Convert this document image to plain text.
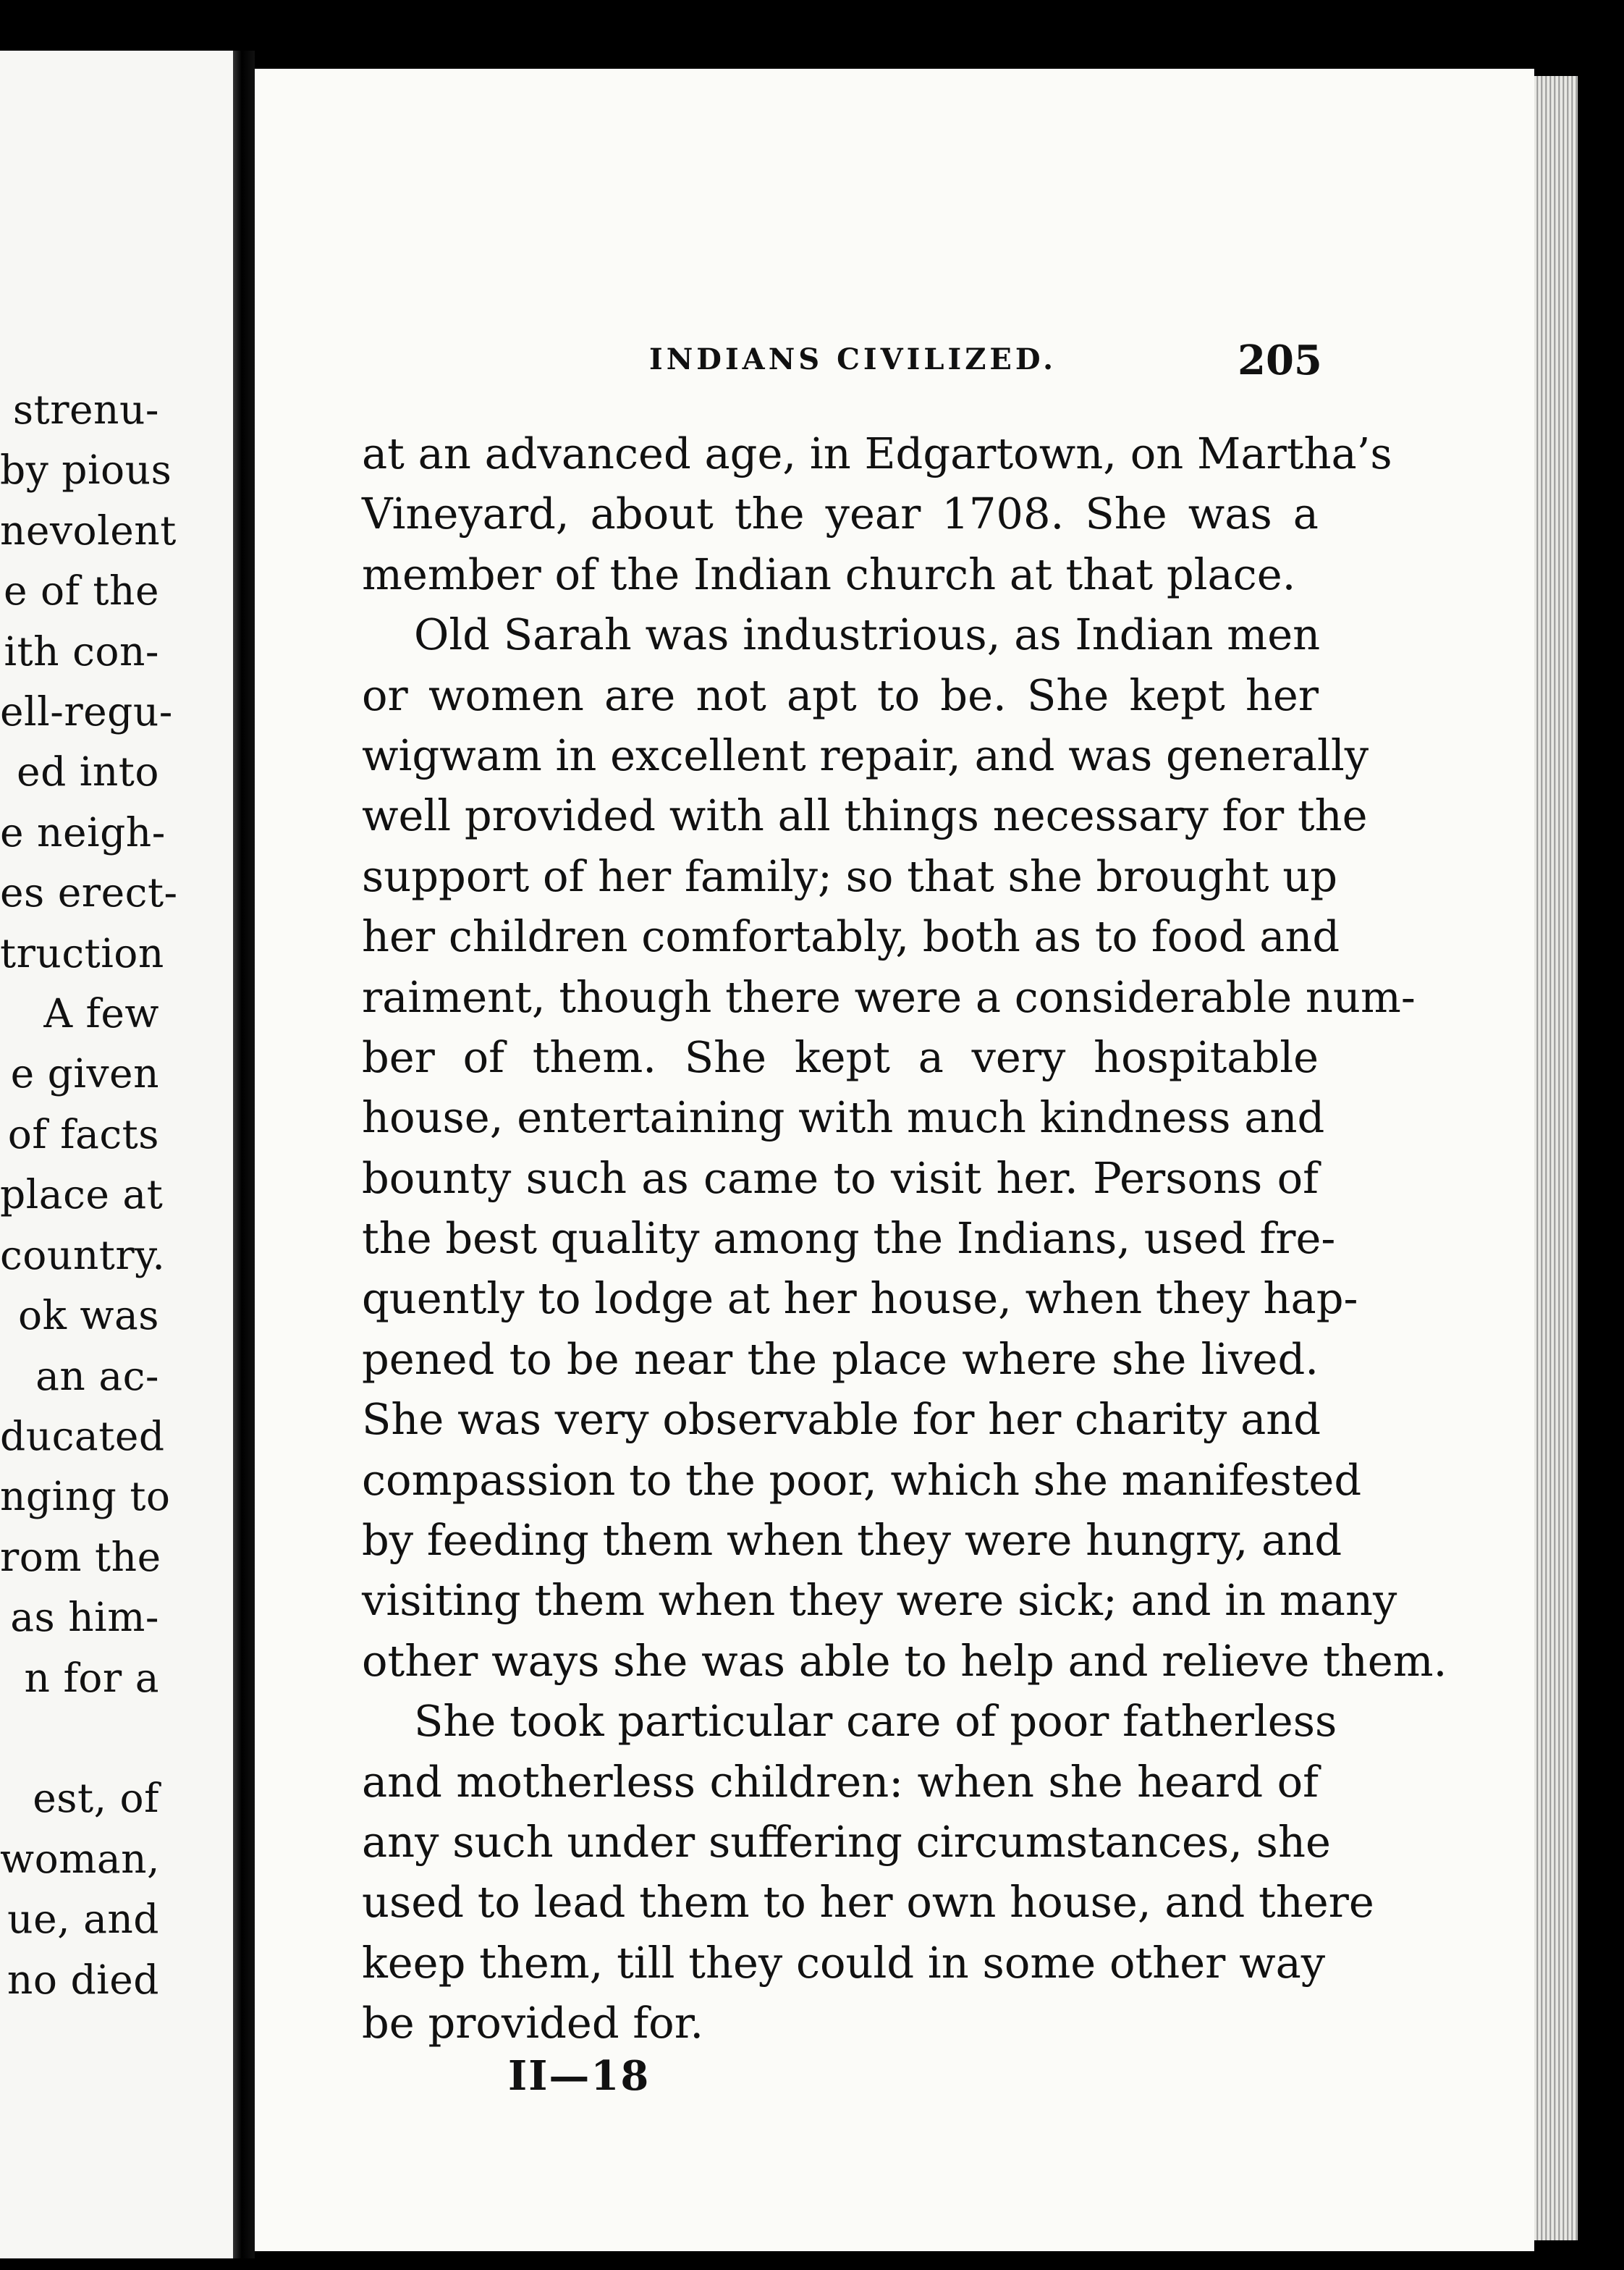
strenu-
by pious
nevolent
e of the
ith con-
ell-regu-
ed into
e neigh-
es erect-
truction
A few
e given
of facts
place at
country.
ok was
an ac-
ducated
nging to
rom the
as him-
n for a

est, of
woman,
ue, and
no died
INDIANS CIVILIZED.	205
at an advanced age, in Edgartown, on Martha’s
Vineyard, about the year 1708. She was a
member of the Indian church at that place.
Old Sarah was industrious, as Indian men
or women are not apt to be. She kept her
wigwam in excellent repair, and was generally
well provided with all things necessary for the
support of her family; so that she brought up
her children comfortably, both as to food and
raiment, though there were a considerable num-
ber of them. She kept a very hospitable
house, entertaining with much kindness and
bounty such as came to visit her. Persons of
the best quality among the Indians, used fre-
quently to lodge at her house, when they hap-
pened to be near the place where she lived.
She was very observable for her charity and
compassion to the poor, which she manifested
by feeding them when they were hungry, and
visiting them when they were sick; and in many
other ways she was able to help and relieve them.
She took particular care of poor fatherless
and motherless children: when she heard of
any such under suffering circumstances, she
used to lead them to her own house, and there
keep them, till they could in some other way
be provided for.
II—18
